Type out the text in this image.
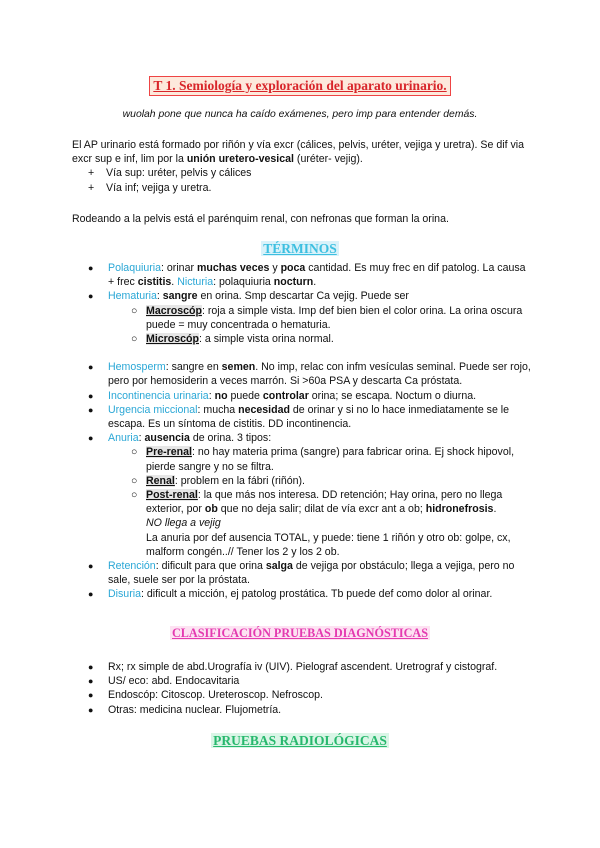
T 1. Semiología y exploración del aparato urinario.
wuolah pone que nunca ha caído exámenes, pero imp para entender demás.
El AP urinario está formado por riñón y vía excr (cálices, pelvis, uréter, vejiga y uretra). Se dif via excr sup e inf, lim por la unión uretero-vesical (uréter- vejig).
+ Vía sup: uréter, pelvis y cálices
+ Vía inf; vejiga y uretra.
Rodeando a la pelvis está el parénquim renal, con nefronas que forman la orina.
TÉRMINOS
● Polaquiuria: orinar muchas veces y poca cantidad. Es muy frec en dif patolog. La causa + frec cistitis. Nicturia: polaquiuria nocturn.
● Hematuria: sangre en orina. Smp descartar Ca vejig. Puede ser
○ Macroscóp: roja a simple vista. Imp def bien bien el color orina. La orina oscura puede = muy concentrada o hematuria.
○ Microscóp: a simple vista orina normal.
● Hemosperm: sangre en semen. No imp, relac con infm vesículas seminal. Puede ser rojo, pero por hemosiderin a veces marrón. Si >60a PSA y descarta Ca próstata.
● Incontinencia urinaria: no puede controlar orina; se escapa. Noctum o diurna.
● Urgencia miccional: mucha necesidad de orinar y si no lo hace inmediatamente se le escapa. Es un síntoma de cistitis. DD incontinencia.
● Anuria: ausencia de orina. 3 tipos:
○ Pre-renal: no hay materia prima (sangre) para fabricar orina. Ej shock hipovol, pierde sangre y no se filtra.
○ Renal: problem en la fábri (riñón).
○ Post-renal: la que más nos interesa. DD retención; Hay orina, pero no llega exterior, por ob que no deja salir; dilat de vía excr ant a ob; hidronefrosis.
NO llega a vejig
La anuria por def ausencia TOTAL, y puede: tiene 1 riñón y otro ob: golpe, cx, malform congén..// Tener los 2 y los 2 ob.
● Retención: dificult para que orina salga de vejiga por obstáculo; llega a vejiga, pero no sale, suele ser por la próstata.
● Disuria: dificult a micción, ej patolog prostática. Tb puede def como dolor al orinar.
CLASIFICACIÓN PRUEBAS DIAGNÓSTICAS
● Rx; rx simple de abd.Urografía iv (UIV). Pielograf ascendent. Uretrograf y cistograf.
● US/ eco: abd. Endocavitaria
● Endoscóp: Citoscop. Ureteroscop. Nefroscop.
● Otras: medicina nuclear. Flujometría.
PRUEBAS RADIOLÓGICAS
